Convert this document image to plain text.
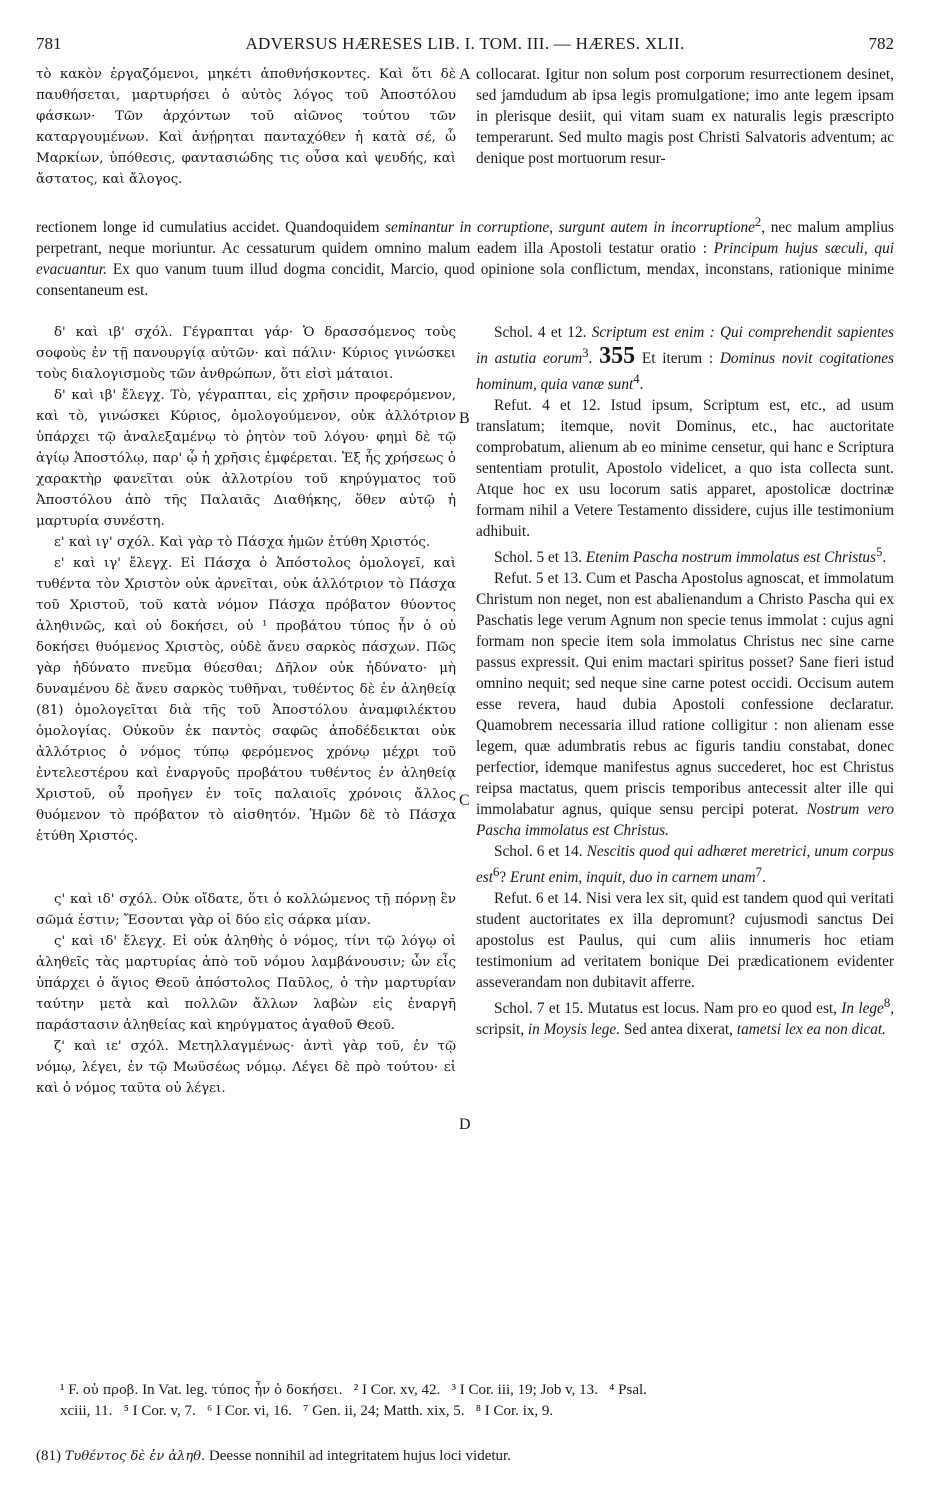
781	ADVERSUS HÆRESES LIB. I. TOM. III. — HÆRES. XLII.	782

τὸ κακὸν ἐργαζόμενοι, μηκέτι ἀποθνήσκοντες. Καὶ ὅτι δὲ παυθήσεται, μαρτυρήσει ὁ αὐτὸς λόγος τοῦ Ἀποστόλου φάσκων· Τῶν ἀρχόντων τοῦ αἰῶνος τούτου τῶν καταργουμένων. Καὶ ἀνῄρηται πανταχόθεν ἡ κατὰ σέ, ὦ Μαρκίων, ὑπόθεσις, φαντασιώδης τις οὖσα καὶ ψευδής, καὶ ἄστατος, καὶ ἄλογος.

collocarat. Igitur non solum post corporum resurrectionem desinet, sed jamdudum ab ipsa legis promulgatione; imo ante legem ipsam in plerisque desiit, qui vitam suam ex naturalis legis præscripto temperarunt. Sed multo magis post Christi Salvatoris adventum; ac denique post mortuorum resur-

A
rectionem longe id cumulatius accidet. Quandoquidem seminantur in corruptione, surgunt autem in incorruptione$^2$, nec malum amplius perpetrant, neque moriuntur. Ac cessaturum quidem omnino malum eadem illa Apostoli testatur oratio : Principum hujus sæculi, qui evacuantur. Ex quo vanum tuum illud dogma concidit, Marcio, quod opinione sola conflictum, mendax, inconstans, rationique minime consentaneum est.

δ' καὶ ιβ' σχόλ. Γέγραπται γάρ· Ὁ δρασσόμενος τοὺς σοφοὺς ἐν τῇ πανουργίᾳ αὐτῶν· καὶ πάλιν· Κύριος γινώσκει τοὺς διαλογισμοὺς τῶν ἀνθρώπων, ὅτι εἰσὶ μάταιοι.

δ' καὶ ιβ' ἔλεγχ. Τὸ, γέγραπται, εἰς χρῆσιν προφερόμενον, καὶ τὸ, γινώσκει Κύριος, ὁμολογούμενον, οὐκ ἀλλότριον ὑπάρχει τῷ ἀναλεξαμένῳ τὸ ῥητὸν τοῦ λόγου· φημὶ δὲ τῷ ἁγίῳ Ἀποστόλῳ, παρ' ᾧ ἡ χρῆσις ἐμφέρεται. Ἐξ ἧς χρήσεως ὁ χαρακτὴρ φανεῖται οὐκ ἀλλοτρίου τοῦ κηρύγματος τοῦ Ἀποστόλου ἀπὸ τῆς Παλαιᾶς Διαθήκης, ὅθεν αὐτῷ ἡ μαρτυρία συνέστη.

ε' καὶ ιγ' σχόλ. Καὶ γὰρ τὸ Πάσχα ἡμῶν ἐτύθη Χριστός.

ε' καὶ ιγ' ἔλεγχ. Εἰ Πάσχα ὁ Ἀπόστολος ὁμολογεῖ, καὶ τυθέντα τὸν Χριστὸν οὐκ ἀρνεῖται, οὐκ ἀλλότριον τὸ Πάσχα τοῦ Χριστοῦ, τοῦ κατὰ νόμον Πάσχα πρόβατον θύοντος ἀληθινῶς, καὶ οὐ δοκήσει, οὐ ¹ προβάτου τύπος ἦν ὁ οὐ δοκήσει θυόμενος Χριστὸς, οὐδὲ ἄνευ σαρκὸς πάσχων. Πῶς γὰρ ἠδύνατο πνεῦμα θύεσθαι; Δῆλον οὐκ ἠδύνατο· μὴ δυναμένου δὲ ἄνευ σαρκὸς τυθῆναι, τυθέντος δὲ ἐν ἀληθείᾳ (81) ὁμολογεῖται διὰ τῆς τοῦ Ἀποστόλου ἀναμφιλέκτου ὁμολογίας. Οὐκοῦν ἐκ παντὸς σαφῶς ἀποδέδεικται οὐκ ἀλλότριος ὁ νόμος τύπῳ φερόμενος χρόνῳ μέχρι τοῦ ἐντελεστέρου καὶ ἐναργοῦς προβάτου τυθέντος ἐν ἀληθείᾳ Χριστοῦ, οὗ προῆγεν ἐν τοῖς παλαιοῖς χρόνοις ἄλλος θυόμενον τὸ πρόβατον τὸ αἰσθητόν. Ἡμῶν δὲ τὸ Πάσχα ἐτύθη Χριστός.

ς' καὶ ιδ' σχόλ. Οὐκ οἴδατε, ὅτι ὁ κολλώμενος τῇ πόρνῃ ἓν σῶμά ἐστιν; Ἔσονται γὰρ οἱ δύο εἰς σάρκα μίαν.

ς' καὶ ιδ' ἔλεγχ. Εἰ οὐκ ἀληθὴς ὁ νόμος, τίνι τῷ λόγῳ οἱ ἀληθεῖς τὰς μαρτυρίας ἀπὸ τοῦ νόμου λαμβάνουσιν; ὧν εἷς ὑπάρχει ὁ ἅγιος Θεοῦ ἀπόστολος Παῦλος, ὁ τὴν μαρτυρίαν ταύτην μετὰ καὶ πολλῶν ἄλλων λαβὼν εἰς ἐναργῆ παράστασιν ἀληθείας καὶ κηρύγματος ἀγαθοῦ Θεοῦ.

ζ' καὶ ιε' σχόλ. Μετηλλαγμένως· ἀντὶ γὰρ τοῦ, ἐν τῷ νόμῳ, λέγει, ἐν τῷ Μωϋσέως νόμῳ. Λέγει δὲ πρὸ τούτου· εἰ καὶ ὁ νόμος ταῦτα οὐ λέγει.

B
C
D

Schol. 4 et 12. Scriptum est enim : Qui comprehendit sapientes in astutia eorum$^3$. 355 Et iterum : Dominus novit cogitationes hominum, quia vanæ sunt$^4$.

Refut. 4 et 12. Istud ipsum, Scriptum est, etc., ad usum translatum; itemque, novit Dominus, etc., hac auctoritate comprobatum, alienum ab eo minime censetur, qui hanc e Scriptura sententiam protulit, Apostolo videlicet, a quo ista collecta sunt. Atque hoc ex usu locorum satis apparet, apostolicæ doctrinæ formam nihil a Vetere Testamento dissidere, cujus ille testimonium adhibuit.

Schol. 5 et 13. Etenim Pascha nostrum immolatus est Christus$^5$.

Refut. 5 et 13. Cum et Pascha Apostolus agnoscat, et immolatum Christum non neget, non est abalienandum a Christo Pascha qui ex Paschatis lege verum Agnum non specie tenus immolat : cujus agni formam non specie item sola immolatus Christus nec sine carne passus expressit. Qui enim mactari spiritus posset? Sane fieri istud omnino nequit; sed neque sine carne potest occidi. Occisum autem esse revera, haud dubia Apostoli confessione declaratur. Quamobrem necessaria illud ratione colligitur : non alienam esse legem, quæ adumbratis rebus ac figuris tandiu constabat, donec perfectior, idemque manifestus agnus succederet, hoc est Christus reipsa mactatus, quem priscis temporibus antecessit alter ille qui immolabatur agnus, quique sensu percipi poterat. Nostrum vero Pascha immolatus est Christus.

Schol. 6 et 14. Nescitis quod qui adhæret meretrici, unum corpus est$^6$? Erunt enim, inquit, duo in carnem unam$^7$.

Refut. 6 et 14. Nisi vera lex sit, quid est tandem quod qui veritati student auctoritates ex illa depromunt? cujusmodi sanctus Dei apostolus est Paulus, qui cum aliis innumeris hoc etiam testimonium ad veritatem bonique Dei prædicationem evidenter asseverandam non dubitavit afferre.

Schol. 7 et 15. Mutatus est locus. Nam pro eo quod est, In lege$^8$, scripsit, in Moysis lege. Sed antea dixerat, tametsi lex ea non dicat.

¹ F. οὐ προβ. In Vat. leg. τύπος ἦν ὁ δοκήσει.   ² I Cor. xv, 42.   ³ I Cor. iii, 19; Job v, 13.   ⁴ Psal.
xciii, 11.   ⁵ I Cor. v, 7.   ⁶ I Cor. vi, 16.   ⁷ Gen. ii, 24; Matth. xix, 5.   ⁸ I Cor. ix, 9.
(81) Τυθέντος δὲ ἐν ἀληθ. Deesse nonnihil ad integritatem hujus loci videtur.
